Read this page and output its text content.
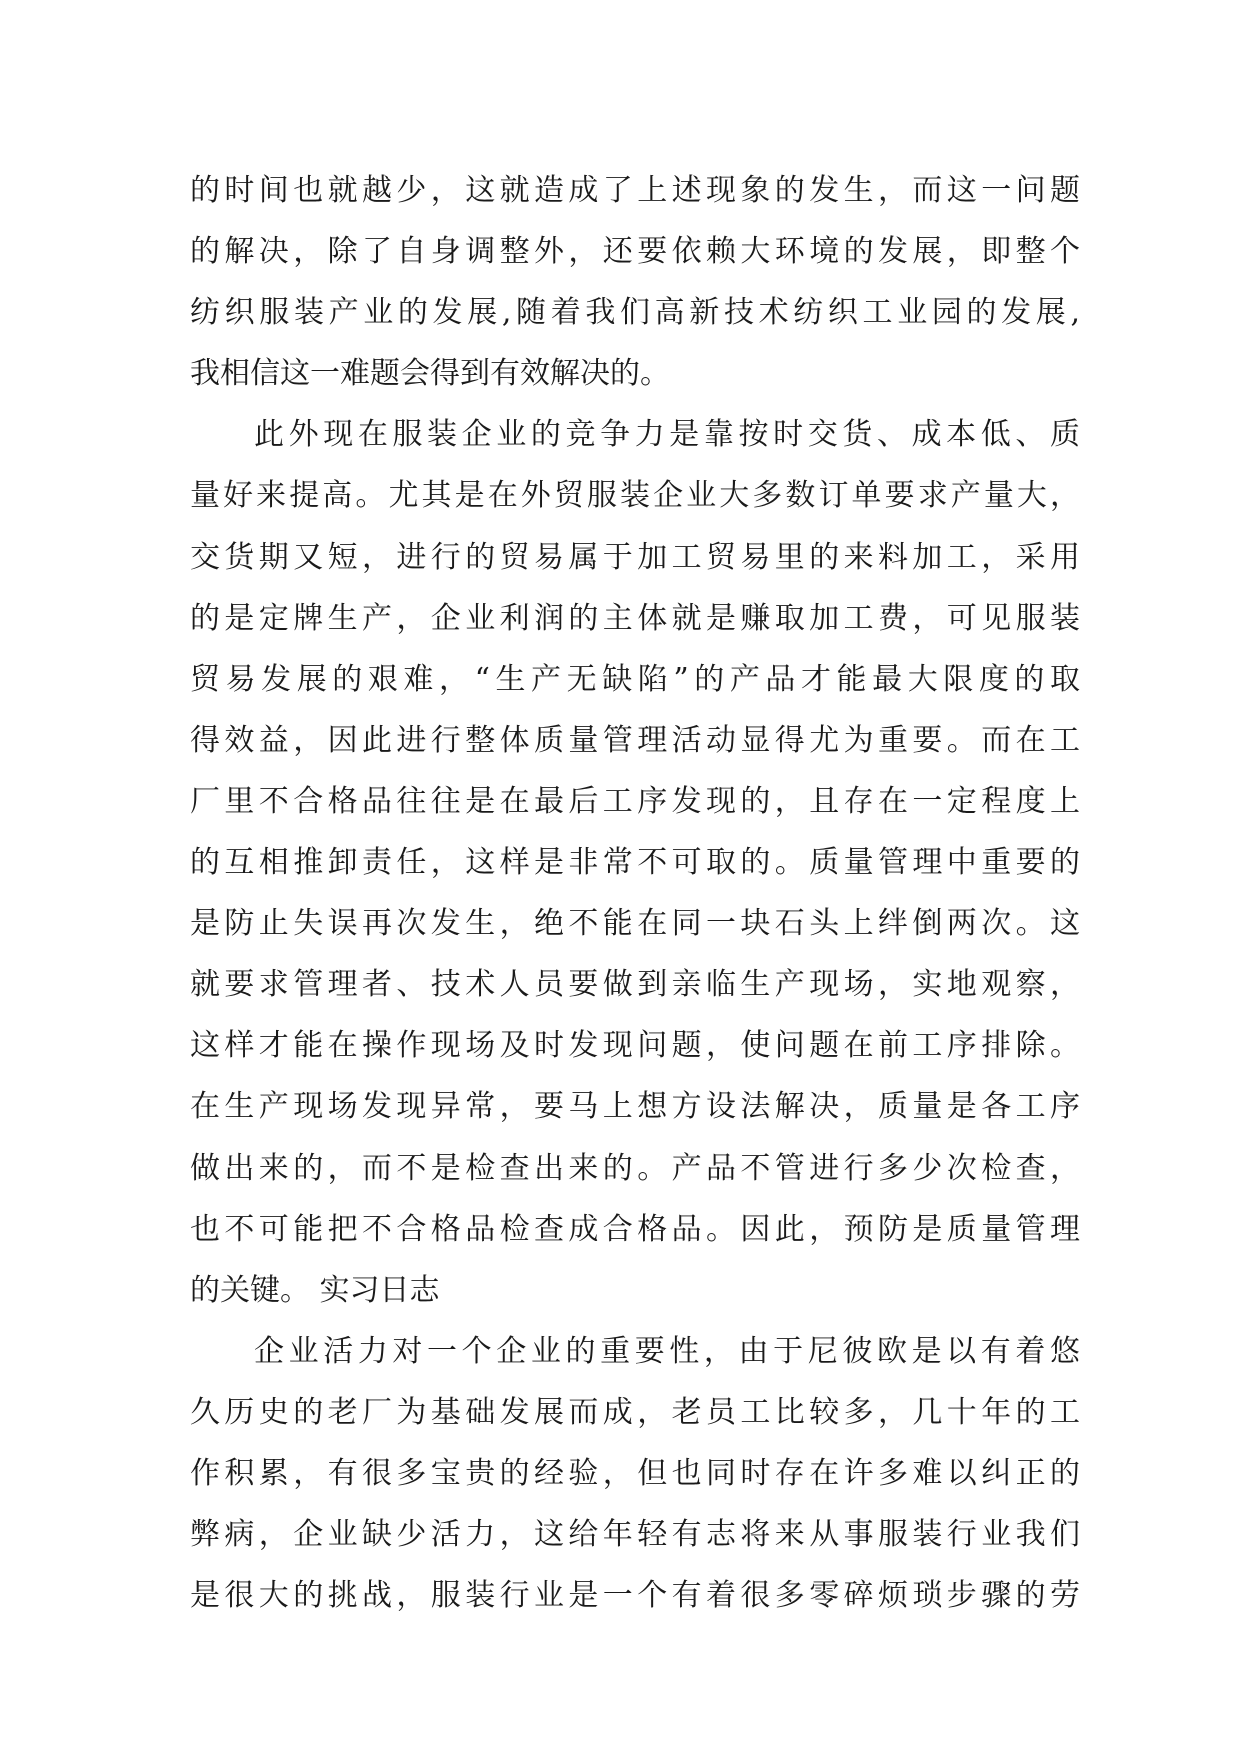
的时间也就越少，这就造成了上述现象的发生，而这一问题
的解决，除了自身调整外，还要依赖大环境的发展，即整个
纺织服装产业的发展,随着我们高新技术纺织工业园的发展,
我相信这一难题会得到有效解决的。
此外现在服装企业的竞争力是靠按时交货、成本低、质
量好来提高。尤其是在外贸服装企业大多数订单要求产量大，
交货期又短，进行的贸易属于加工贸易里的来料加工，采用
的是定牌生产，企业利润的主体就是赚取加工费，可见服装
贸易发展的艰难，“生产无缺陷”的产品才能最大限度的取
得效益，因此进行整体质量管理活动显得尤为重要。而在工
厂里不合格品往往是在最后工序发现的，且存在一定程度上
的互相推卸责任，这样是非常不可取的。质量管理中重要的
是防止失误再次发生，绝不能在同一块石头上绊倒两次。这
就要求管理者、技术人员要做到亲临生产现场，实地观察，
这样才能在操作现场及时发现问题，使问题在前工序排除。
在生产现场发现异常，要马上想方设法解决，质量是各工序
做出来的，而不是检查出来的。产品不管进行多少次检查，
也不可能把不合格品检查成合格品。因此，预防是质量管理
的关键。 实习日志
企业活力对一个企业的重要性，由于尼彼欧是以有着悠
久历史的老厂为基础发展而成，老员工比较多，几十年的工
作积累，有很多宝贵的经验，但也同时存在许多难以纠正的
弊病，企业缺少活力，这给年轻有志将来从事服装行业我们
是很大的挑战，服装行业是一个有着很多零碎烦琐步骤的劳
